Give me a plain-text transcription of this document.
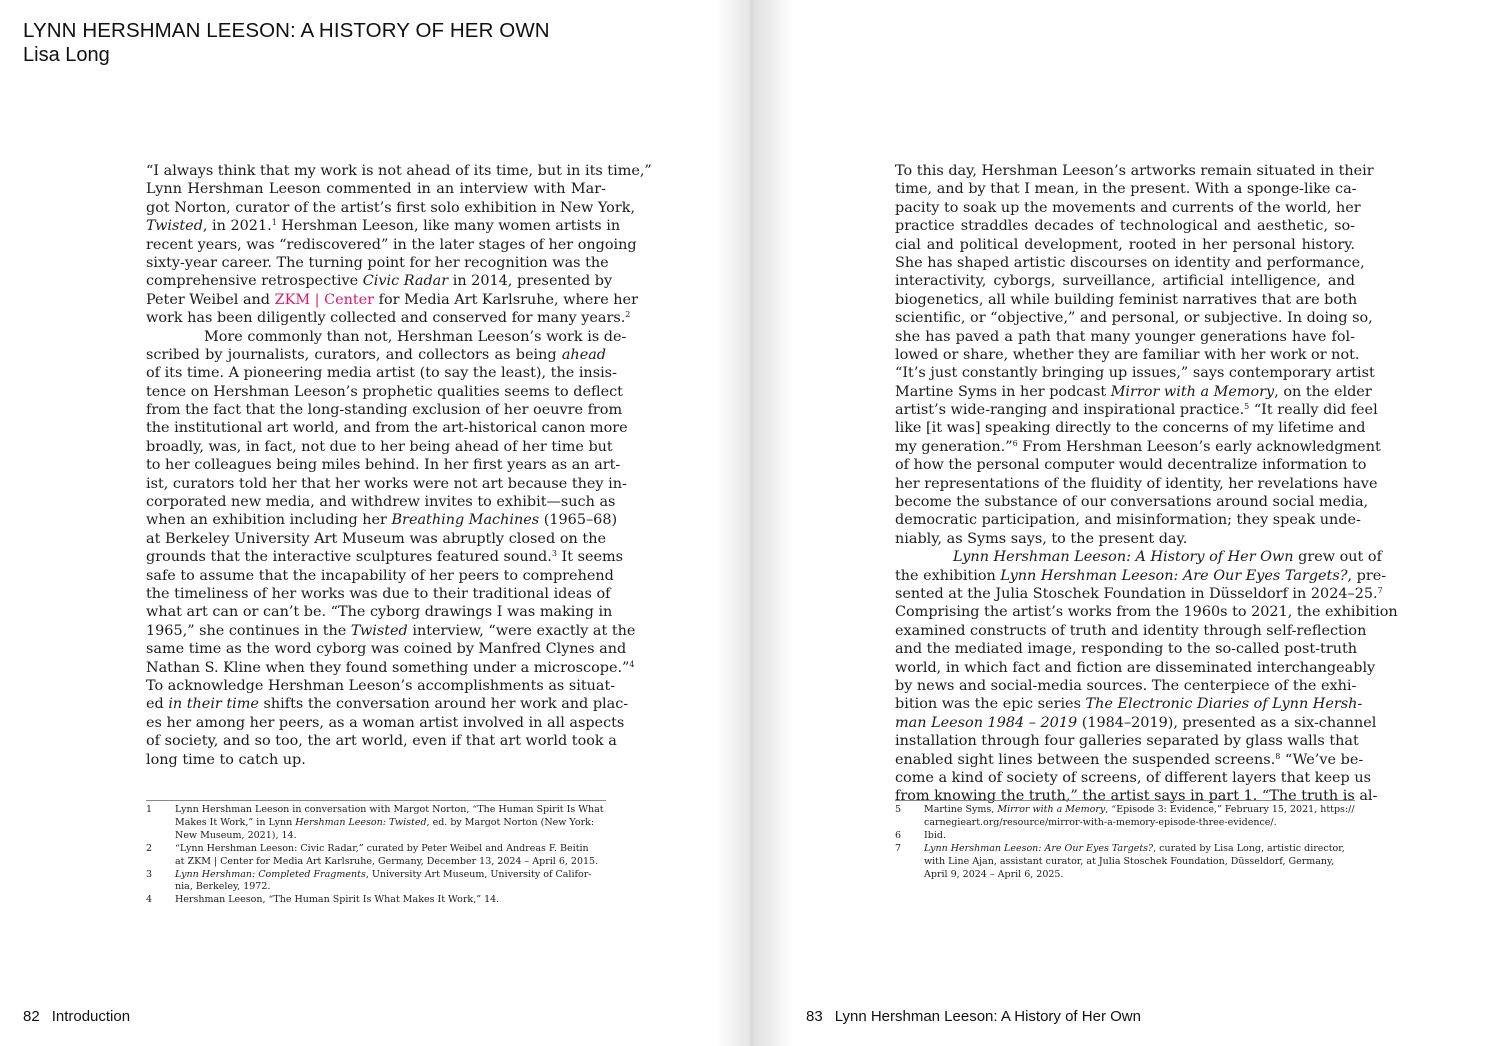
LYNN HERSHMAN LEESON: A HISTORY OF HER OWN
Lisa Long
“I always think that my work is not ahead of its time, but in its time,”
Lynn Hershman Leeson commented in an interview with Mar-
got Norton, curator of the artist’s first solo exhibition in New York,
Twisted, in 2021.$^1$ Hershman Leeson, like many women artists in
recent years, was “rediscovered” in the later stages of her ongoing
sixty-year career. The turning point for her recognition was the
comprehensive retrospective Civic Radar in 2014, presented by
Peter Weibel and ZKM | Center for Media Art Karlsruhe, where her
work has been diligently collected and conserved for many years.$^2$
More commonly than not, Hershman Leeson’s work is de-
scribed by journalists, curators, and collectors as being ahead
of its time. A pioneering media artist (to say the least), the insis-
tence on Hershman Leeson’s prophetic qualities seems to deflect
from the fact that the long-standing exclusion of her oeuvre from
the institutional art world, and from the art-historical canon more
broadly, was, in fact, not due to her being ahead of her time but
to her colleagues being miles behind. In her first years as an art-
ist, curators told her that her works were not art because they in-
corporated new media, and withdrew invites to exhibit—such as
when an exhibition including her Breathing Machines (1965–68)
at Berkeley University Art Museum was abruptly closed on the
grounds that the interactive sculptures featured sound.$^3$ It seems
safe to assume that the incapability of her peers to comprehend
the timeliness of her works was due to their traditional ideas of
what art can or can’t be. “The cyborg drawings I was making in
1965,” she continues in the Twisted interview, “were exactly at the
same time as the word cyborg was coined by Manfred Clynes and
Nathan S. Kline when they found something under a microscope.”$^4$
To acknowledge Hershman Leeson’s accomplishments as situat-
ed in their time shifts the conversation around her work and plac-
es her among her peers, as a woman artist involved in all aspects
of society, and so too, the art world, even if that art world took a
long time to catch up.
1	Lynn Hershman Leeson in conversation with Margot Norton, “The Human Spirit Is What
Makes It Work,” in Lynn Hershman Leeson: Twisted, ed. by Margot Norton (New York:
New Museum, 2021), 14.
2	“Lynn Hershman Leeson: Civic Radar,” curated by Peter Weibel and Andreas F. Beitin
at ZKM | Center for Media Art Karlsruhe, Germany, December 13, 2024 – April 6, 2015.
3	Lynn Hershman: Completed Fragments, University Art Museum, University of Califor-
nia, Berkeley, 1972.
4	Hershman Leeson, “The Human Spirit Is What Makes It Work,” 14.
82 Introduction
To this day, Hershman Leeson’s artworks remain situated in their
time, and by that I mean, in the present. With a sponge-like ca-
pacity to soak up the movements and currents of the world, her
practice straddles decades of technological and aesthetic, so-
cial and political development, rooted in her personal history.
She has shaped artistic discourses on identity and performance,
interactivity, cyborgs, surveillance, artificial intelligence, and
biogenetics, all while building feminist narratives that are both
scientific, or “objective,” and personal, or subjective. In doing so,
she has paved a path that many younger generations have fol-
lowed or share, whether they are familiar with her work or not.
“It’s just constantly bringing up issues,” says contemporary artist
Martine Syms in her podcast Mirror with a Memory, on the elder
artist’s wide-ranging and inspirational practice.$^5$ “It really did feel
like [it was] speaking directly to the concerns of my lifetime and
my generation.”$^6$ From Hershman Leeson’s early acknowledgment
of how the personal computer would decentralize information to
her representations of the fluidity of identity, her revelations have
become the substance of our conversations around social media,
democratic participation, and misinformation; they speak unde-
niably, as Syms says, to the present day.
Lynn Hershman Leeson: A History of Her Own grew out of
the exhibition Lynn Hershman Leeson: Are Our Eyes Targets?, pre-
sented at the Julia Stoschek Foundation in Düsseldorf in 2024–25.$^7$
Comprising the artist’s works from the 1960s to 2021, the exhibition
examined constructs of truth and identity through self-reflection
and the mediated image, responding to the so-called post-truth
world, in which fact and fiction are disseminated interchangeably
by news and social-media sources. The centerpiece of the exhi-
bition was the epic series The Electronic Diaries of Lynn Hersh-
man Leeson 1984 – 2019 (1984–2019), presented as a six-channel
installation through four galleries separated by glass walls that
enabled sight lines between the suspended screens.$^8$ “We’ve be-
come a kind of society of screens, of different layers that keep us
from knowing the truth,” the artist says in part 1. “The truth is al-
5	Martine Syms, Mirror with a Memory, “Episode 3: Evidence,” February 15, 2021, https://
carnegieart.org/resource/mirror-with-a-memory-episode-three-evidence/.
6	Ibid.
7	Lynn Hershman Leeson: Are Our Eyes Targets?, curated by Lisa Long, artistic director,
with Line Ajan, assistant curator, at Julia Stoschek Foundation, Düsseldorf, Germany,
April 9, 2024 – April 6, 2025.
83 Lynn Hershman Leeson: A History of Her Own
